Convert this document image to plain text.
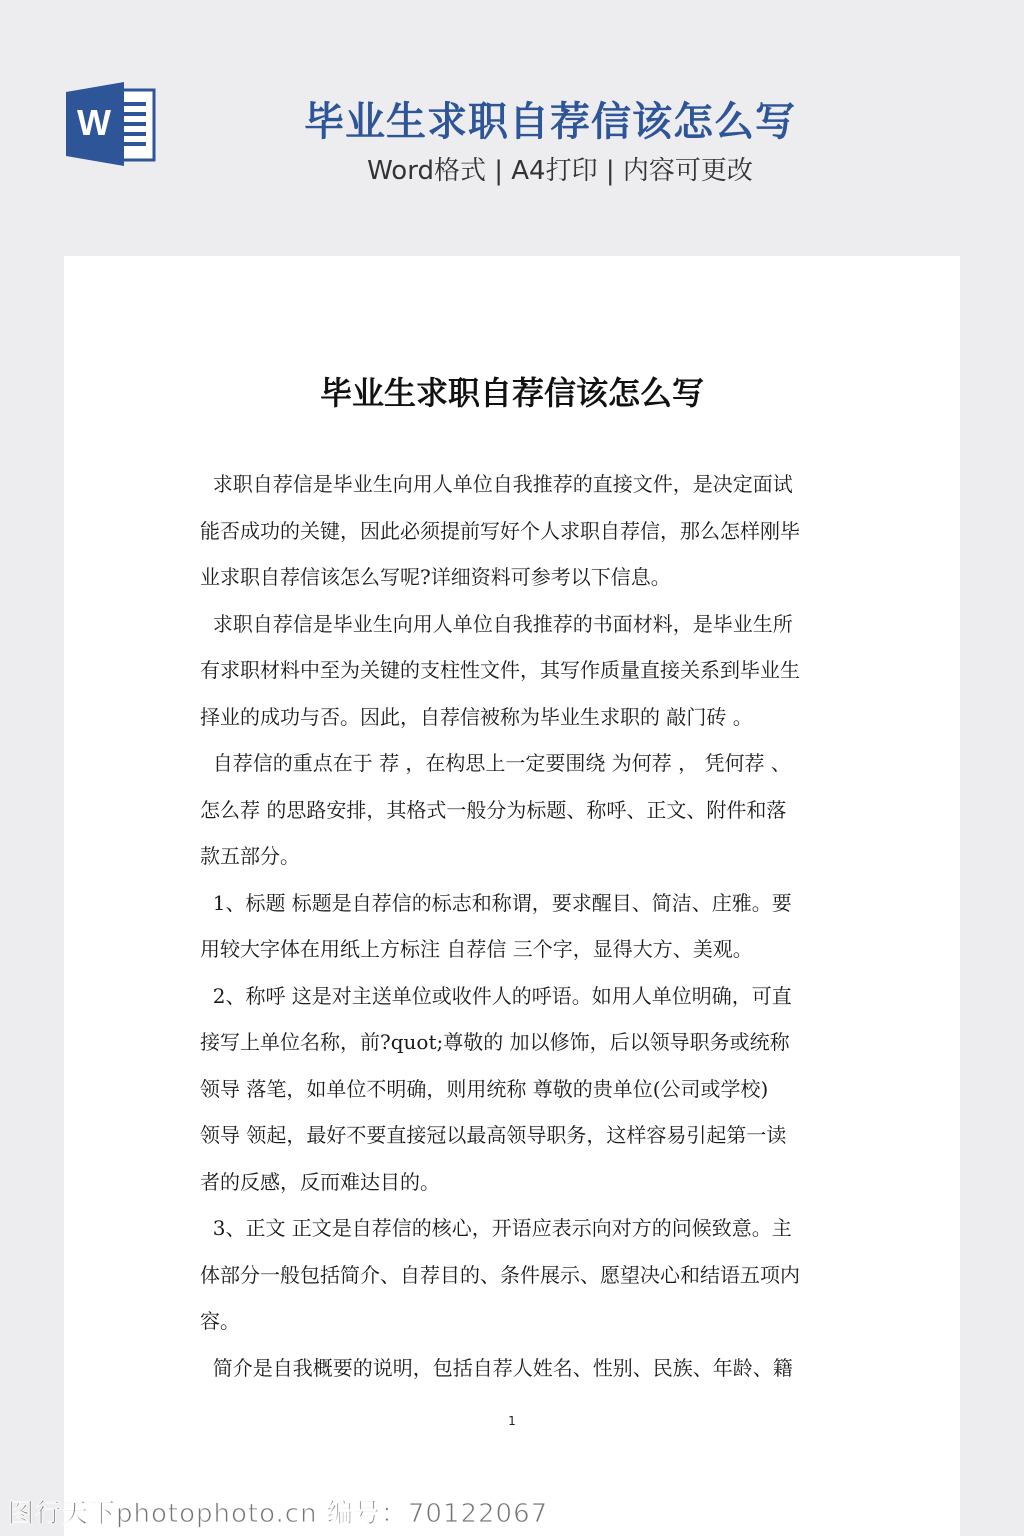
W	毕业生求职自荐信该怎么写
Word格式 | A4打印 | 内容可更改
毕业生求职自荐信该怎么写
求职自荐信是毕业生向用人单位自我推荐的直接文件，是决定面试
能否成功的关键，因此必须提前写好个人求职自荐信，那么怎样刚毕
业求职自荐信该怎么写呢?详细资料可参考以下信息。
求职自荐信是毕业生向用人单位自我推荐的书面材料，是毕业生所
有求职材料中至为关键的支柱性文件，其写作质量直接关系到毕业生
择业的成功与否。因此，自荐信被称为毕业生求职的 敲门砖 。
自荐信的重点在于 荐 ，在构思上一定要围绕 为何荐 ， 凭何荐 、
怎么荐 的思路安排，其格式一般分为标题、称呼、正文、附件和落
款五部分。
1、标题 标题是自荐信的标志和称谓，要求醒目、简洁、庄雅。要
用较大字体在用纸上方标注 自荐信 三个字，显得大方、美观。
2、称呼 这是对主送单位或收件人的呼语。如用人单位明确，可直
接写上单位名称，前?quot;尊敬的 加以修饰，后以领导职务或统称
领导 落笔，如单位不明确，则用统称 尊敬的贵单位(公司或学校)
领导 领起，最好不要直接冠以最高领导职务，这样容易引起第一读
者的反感，反而难达目的。
3、正文 正文是自荐信的核心，开语应表示向对方的问候致意。主
体部分一般包括简介、自荐目的、条件展示、愿望决心和结语五项内
容。
简介是自我概要的说明，包括自荐人姓名、性别、民族、年龄、籍
1
图行天下photophoto.cn 编号：70122067
